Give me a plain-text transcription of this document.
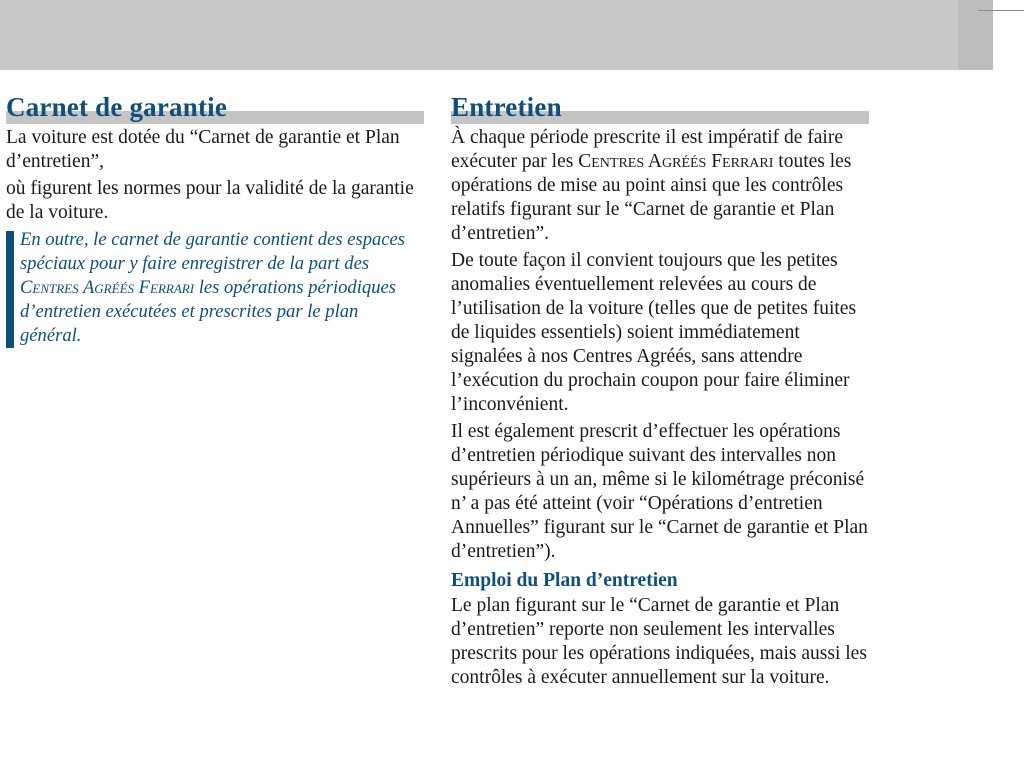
Carnet de garantie

La voiture est dotée du “Carnet de garantie et Plan d’entretien”,

où figurent les normes pour la validité de la garantie de la voiture.

En outre, le carnet de garantie contient des espaces spéciaux pour y faire enregistrer de la part des Centres Agréés Ferrari les opérations périodiques d’entretien exécutées et prescrites par le plan général.
Entretien

À chaque période prescrite il est impératif de faire exécuter par les Centres Agréés Ferrari toutes les opérations de mise au point ainsi que les contrôles relatifs figurant sur le “Carnet de garantie et Plan d’entretien”.

De toute façon il convient toujours que les petites anomalies éventuellement relevées au cours de l’utilisation de la voiture (telles que de petites fuites de liquides essentiels) soient immédiatement signalées à nos Centres Agréés, sans attendre l’exécution du prochain coupon pour faire éliminer l’inconvénient.

Il est également prescrit d’effectuer les opérations d’entretien périodique suivant des intervalles non supérieurs à un an, même si le kilométrage préconisé n’ a pas été atteint (voir “Opérations d’entretien Annuelles” figurant sur le “Carnet de garantie et Plan d’entretien”).

Emploi du Plan d’entretien

Le plan figurant sur le “Carnet de garantie et Plan d’entretien” reporte non seulement les intervalles prescrits pour les opérations indiquées, mais aussi les contrôles à exécuter annuellement sur la voiture.
